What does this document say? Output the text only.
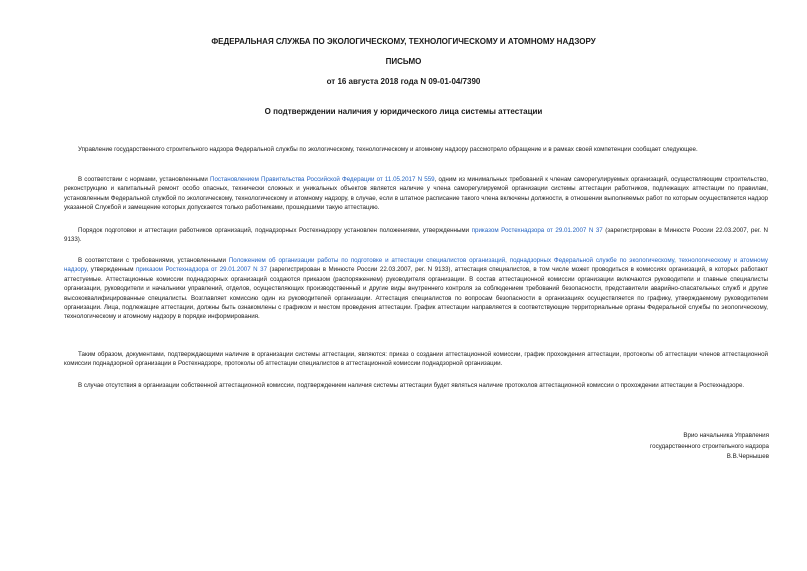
ФЕДЕРАЛЬНАЯ СЛУЖБА ПО ЭКОЛОГИЧЕСКОМУ, ТЕХНОЛОГИЧЕСКОМУ И АТОМНОМУ НАДЗОРУ
ПИСЬМО
от 16 августа 2018 года N 09-01-04/7390
О подтверждении наличия у юридического лица системы аттестации
Управление государственного строительного надзора Федеральной службы по экологическому, технологическому и атомному надзору рассмотрело обращение и в рамках своей компетенции сообщает следующее.
В соответствии с нормами, установленными Постановлением Правительства Российской Федерации от 11.05.2017 N 559, одним из минимальных требований к членам саморегулируемых организаций, осуществляющим строительство, реконструкцию и капитальный ремонт особо опасных, технически сложных и уникальных объектов является наличие у члена саморегулируемой организации системы аттестации работников, подлежащих аттестации по правилам, установленным Федеральной службой по экологическому, технологическому и атомному надзору, в случае, если в штатное расписание такого члена включены должности, в отношении выполняемых работ по которым осуществляется надзор указанной Службой и замещение которых допускается только работниками, прошедшими такую аттестацию.
Порядок подготовки и аттестации работников организаций, поднадзорных Ростехнадзору установлен положениями, утвержденными приказом Ростехнадзора от 29.01.2007 N 37 (зарегистрирован в Минюсте России 22.03.2007, рег. N 9133).
В соответствии с требованиями, установленными Положением об организации работы по подготовке и аттестации специалистов организаций, поднадзорных Федеральной службе по экологическому, технологическому и атомному надзору, утвержденным приказом Ростехнадзора от 29.01.2007 N 37 (зарегистрирован в Минюсте России 22.03.2007, рег. N 9133), аттестация специалистов, в том числе может проводиться в комиссиях организаций, в которых работают аттестуемые. Аттестационные комиссии поднадзорных организаций создаются приказом (распоряжением) руководителя организации. В состав аттестационной комиссии организации включаются руководители и главные специалисты организации, руководители и начальники управлений, отделов, осуществляющих производственный и другие виды внутреннего контроля за соблюдением требований безопасности, представители аварийно-спасательных служб и другие высококвалифицированные специалисты. Возглавляет комиссию один из руководителей организации. Аттестация специалистов по вопросам безопасности в организациях осуществляется по графику, утверждаемому руководителем организации. Лица, подлежащие аттестации, должны быть ознакомлены с графиком и местом проведения аттестации. График аттестации направляется в соответствующие территориальные органы Федеральной службы по экологическому, технологическому и атомному надзору в порядке информирования.
Таким образом, документами, подтверждающими наличие в организации системы аттестации, являются: приказ о создании аттестационной комиссии, график прохождения аттестации, протоколы об аттестации членов аттестационной комиссии поднадзорной организации в Ростехнадзоре, протоколы об аттестации специалистов в аттестационной комиссии поднадзорной организации.
В случае отсутствия в организации собственной аттестационной комиссии, подтверждением наличия системы аттестации будет являться наличие протоколов аттестационной комиссии о прохождении аттестации в Ростехнадзоре.
Врио начальника Управления
государственного строительного надзора
В.В.Чернышев
